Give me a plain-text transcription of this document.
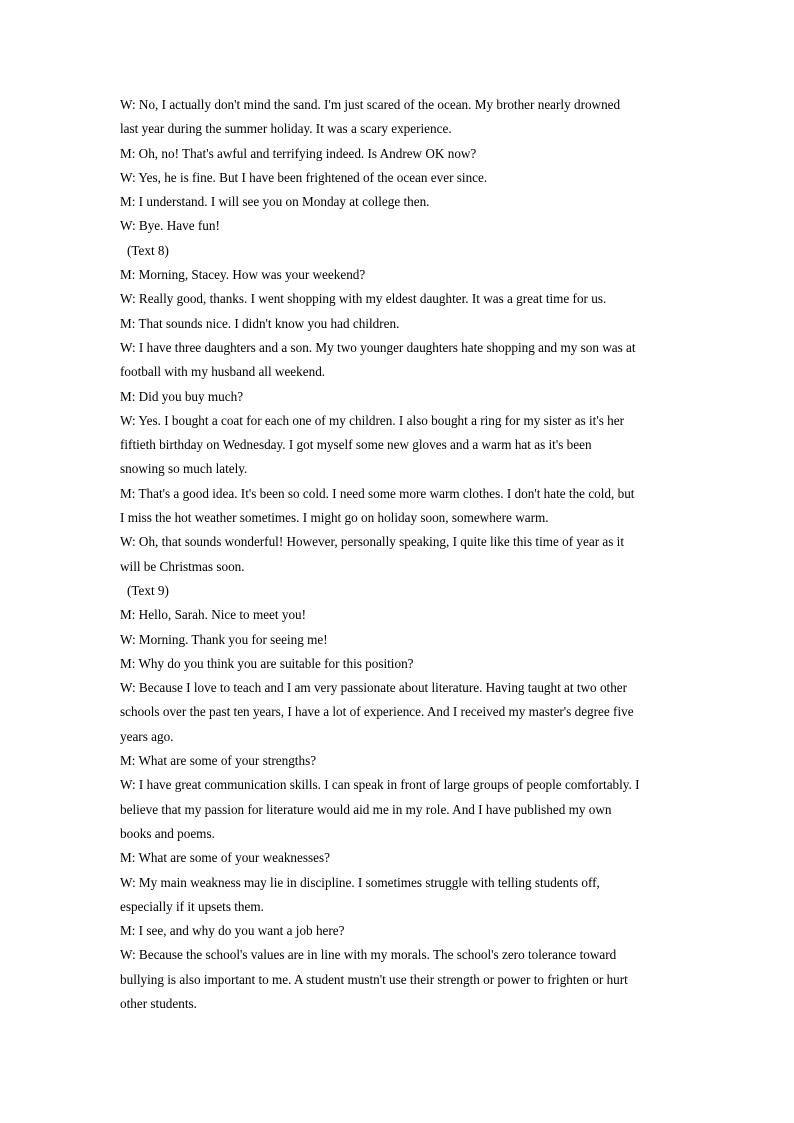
W: No, I actually don't mind the sand. I'm just scared of the ocean. My brother nearly drowned
last year during the summer holiday. It was a scary experience.
M: Oh, no! That's awful and terrifying indeed. Is Andrew OK now?
W: Yes, he is fine. But I have been frightened of the ocean ever since.
M: I understand. I will see you on Monday at college then.
W: Bye. Have fun!
(Text 8)
M: Morning, Stacey. How was your weekend?
W: Really good, thanks. I went shopping with my eldest daughter. It was a great time for us.
M: That sounds nice. I didn't know you had children.
W: I have three daughters and a son. My two younger daughters hate shopping and my son was at
football with my husband all weekend.
M: Did you buy much?
W: Yes. I bought a coat for each one of my children. I also bought a ring for my sister as it's her
fiftieth birthday on Wednesday. I got myself some new gloves and a warm hat as it's been
snowing so much lately.
M: That's a good idea. It's been so cold. I need some more warm clothes. I don't hate the cold, but
I miss the hot weather sometimes. I might go on holiday soon, somewhere warm.
W: Oh, that sounds wonderful! However, personally speaking, I quite like this time of year as it
will be Christmas soon.
(Text 9)
M: Hello, Sarah. Nice to meet you!
W: Morning. Thank you for seeing me!
M: Why do you think you are suitable for this position?
W: Because I love to teach and I am very passionate about literature. Having taught at two other
schools over the past ten years, I have a lot of experience. And I received my master's degree five
years ago.
M: What are some of your strengths?
W: I have great communication skills. I can speak in front of large groups of people comfortably. I
believe that my passion for literature would aid me in my role. And I have published my own
books and poems.
M: What are some of your weaknesses?
W: My main weakness may lie in discipline. I sometimes struggle with telling students off,
especially if it upsets them.
M: I see, and why do you want a job here?
W: Because the school's values are in line with my morals. The school's zero tolerance toward
bullying is also important to me. A student mustn't use their strength or power to frighten or hurt
other students.
